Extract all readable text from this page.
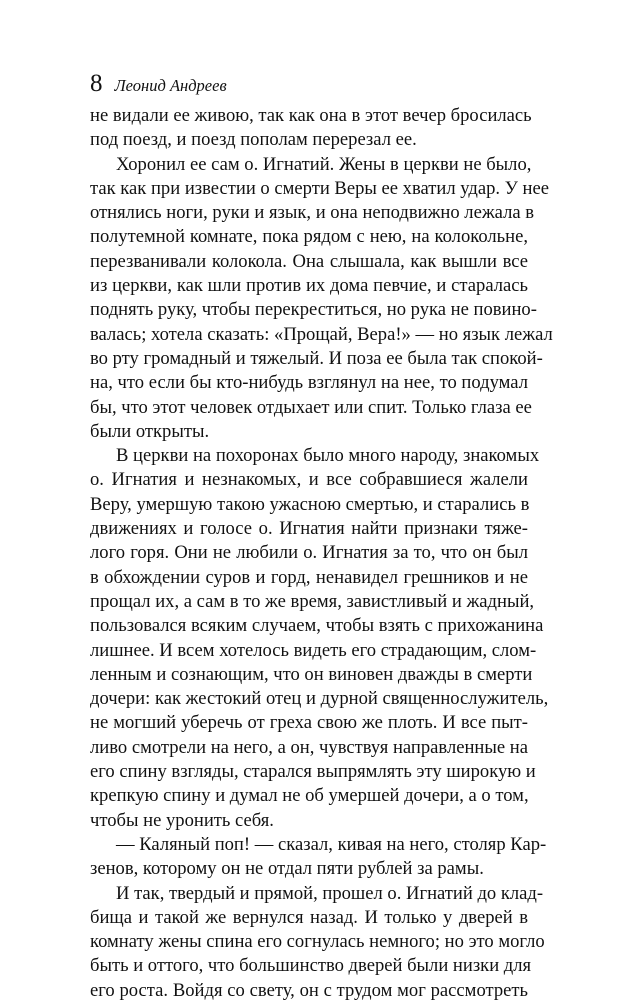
8 Леонид Андреев
не видали ее живою, так как она в этот вечер бросилась
под поезд, и поезд пополам перерезал ее.
Хоронил ее сам о. Игнатий. Жены в церкви не было,
так как при известии о смерти Веры ее хватил удар. У нее
отнялись ноги, руки и язык, и она неподвижно лежала в
полутемной комнате, пока рядом с нею, на колокольне,
перезванивали колокола. Она слышала, как вышли все
из церкви, как шли против их дома певчие, и старалась
поднять руку, чтобы перекреститься, но рука не повино-
валась; хотела сказать: «Прощай, Вера!» — но язык лежал
во рту громадный и тяжелый. И поза ее была так спокой-
на, что если бы кто-нибудь взглянул на нее, то подумал
бы, что этот человек отдыхает или спит. Только глаза ее
были открыты.
В церкви на похоронах было много народу, знакомых
о. Игнатия и незнакомых, и все собравшиеся жалели
Веру, умершую такою ужасною смертью, и старались в
движениях и голосе о. Игнатия найти признаки тяже-
лого горя. Они не любили о. Игнатия за то, что он был
в обхождении суров и горд, ненавидел грешников и не
прощал их, а сам в то же время, завистливый и жадный,
пользовался всяким случаем, чтобы взять с прихожанина
лишнее. И всем хотелось видеть его страдающим, слом-
ленным и сознающим, что он виновен дважды в смерти
дочери: как жестокий отец и дурной священнослужитель,
не могший уберечь от греха свою же плоть. И все пыт-
ливо смотрели на него, а он, чувствуя направленные на
его спину взгляды, старался выпрямлять эту широкую и
крепкую спину и думал не об умершей дочери, а о том,
чтобы не уронить себя.
— Каляный поп! — сказал, кивая на него, столяр Кар-
зенов, которому он не отдал пяти рублей за рамы.
И так, твердый и прямой, прошел о. Игнатий до клад-
бища и такой же вернулся назад. И только у дверей в
комнату жены спина его согнулась немного; но это могло
быть и оттого, что большинство дверей были низки для
его роста. Войдя со свету, он с трудом мог рассмотреть
